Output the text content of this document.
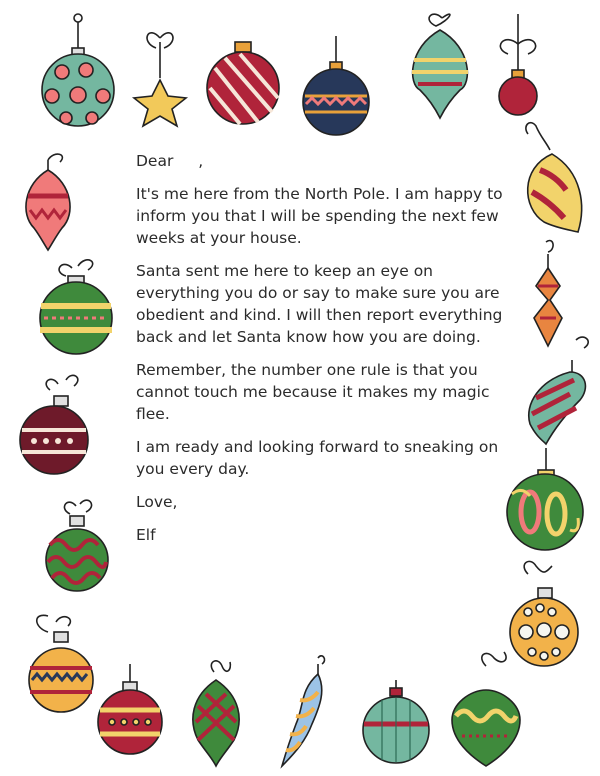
Dear ,

It's me here from the North Pole. I am happy to inform you that I will be spending the next few weeks at your house.

Santa sent me here to keep an eye on everything you do or say to make sure you are obedient and kind. I will then report everything back and let Santa know how you are doing.

Remember, the number one rule is that you cannot touch me because it makes my magic flee.

I am ready and looking forward to sneaking on you every day.

Love,

Elf
